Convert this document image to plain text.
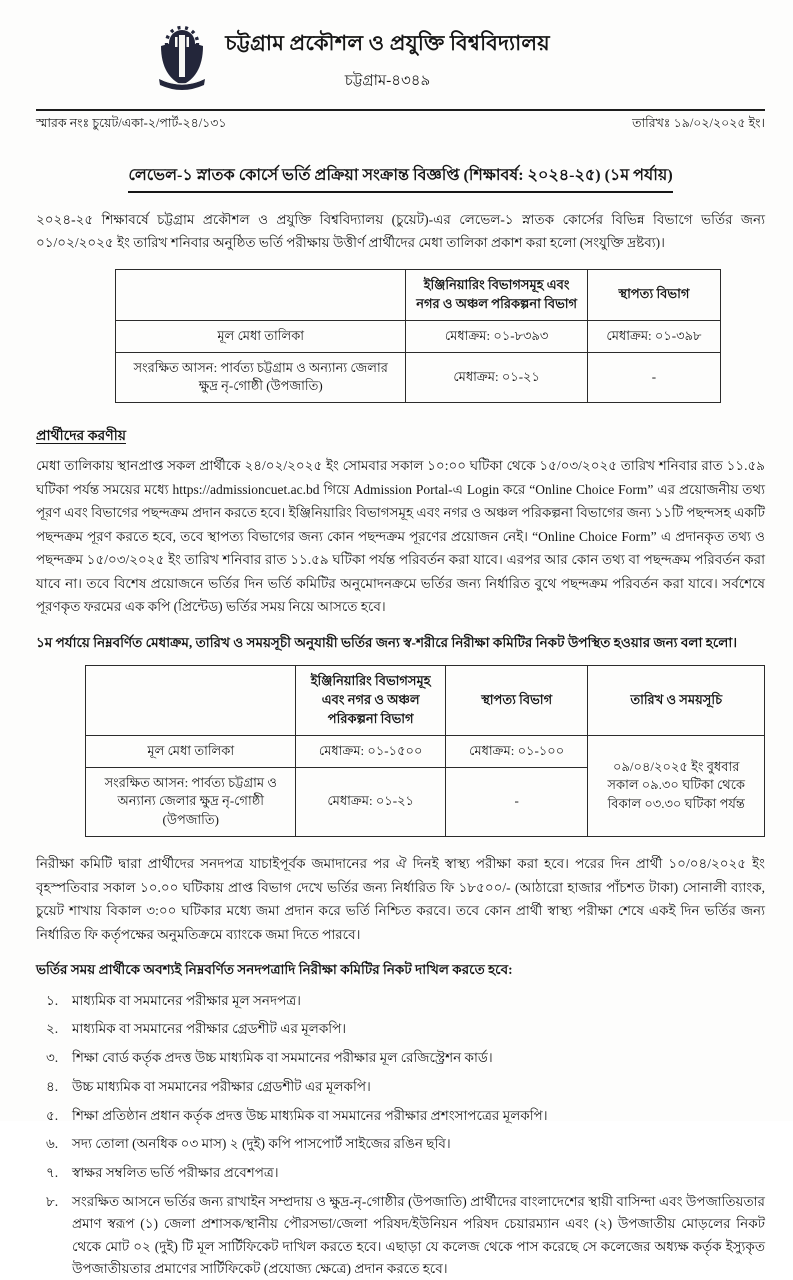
চট্টগ্রাম প্রকৌশল ও প্রযুক্তি বিশ্ববিদ্যালয়
চট্টগ্রাম-৪৩৪৯
স্মারক নংঃ চুয়েট/একা-২/পার্ট-২৪/১৩১	তারিখঃ ১৯/০২/২০২৫ ইং।
লেভেল-১ স্নাতক কোর্সে ভর্তি প্রক্রিয়া সংক্রান্ত বিজ্ঞপ্তি (শিক্ষাবর্ষ: ২০২৪-২৫) (১ম পর্যায়)
২০২৪-২৫ শিক্ষাবর্ষে চট্টগ্রাম প্রকৌশল ও প্রযুক্তি বিশ্ববিদ্যালয় (চুয়েট)-এর লেভেল-১ স্নাতক কোর্সের বিভিন্ন বিভাগে ভর্তির জন্য ০১/০২/২০২৫ ইং তারিখ শনিবার অনুষ্ঠিত ভর্তি পরীক্ষায় উত্তীর্ণ প্রার্থীদের মেধা তালিকা প্রকাশ করা হলো (সংযুক্তি দ্রষ্টব্য)।
	ইঞ্জিনিয়ারিং বিভাগসমূহ এবং নগর ও অঞ্চল পরিকল্পনা বিভাগ	স্থাপত্য বিভাগ
মূল মেধা তালিকা	মেধাক্রম: ০১-৮৩৯৩	মেধাক্রম: ০১-৩৯৮
সংরক্ষিত আসন: পার্বত্য চট্টগ্রাম ও অন্যান্য জেলার ক্ষুদ্র নৃ-গোষ্ঠী (উপজাতি)	মেধাক্রম: ০১-২১	-
প্রার্থীদের করণীয়
মেধা তালিকায় স্থানপ্রাপ্ত সকল প্রার্থীকে ২৪/০২/২০২৫ ইং সোমবার সকাল ১০:০০ ঘটিকা থেকে ১৫/০৩/২০২৫ তারিখ শনিবার রাত ১১.৫৯ ঘটিকা পর্যন্ত সময়ের মধ্যে https://admissioncuet.ac.bd গিয়ে Admission Portal-এ Login করে “Online Choice Form” এর প্রয়োজনীয় তথ্য পূরণ এবং বিভাগের পছন্দক্রম প্রদান করতে হবে। ইঞ্জিনিয়ারিং বিভাগসমূহ এবং নগর ও অঞ্চল পরিকল্পনা বিভাগের জন্য ১১টি পছন্দসহ একটি পছন্দক্রম পূরণ করতে হবে, তবে স্থাপত্য বিভাগের জন্য কোন পছন্দক্রম পূরণের প্রয়োজন নেই। “Online Choice Form” এ প্রদানকৃত তথ্য ও পছন্দক্রম ১৫/০৩/২০২৫ ইং তারিখ শনিবার রাত ১১.৫৯ ঘটিকা পর্যন্ত পরিবর্তন করা যাবে। এরপর আর কোন তথ্য বা পছন্দক্রম পরিবর্তন করা যাবে না। তবে বিশেষ প্রয়োজনে ভর্তির দিন ভর্তি কমিটির অনুমোদনক্রমে ভর্তির জন্য নির্ধারিত বুথে পছন্দক্রম পরিবর্তন করা যাবে। সর্বশেষে পূরণকৃত ফরমের এক কপি (প্রিন্টেড) ভর্তির সময় নিয়ে আসতে হবে।
১ম পর্যায়ে নিম্নবর্ণিত মেধাক্রম, তারিখ ও সময়সূচী অনুযায়ী ভর্তির জন্য স্ব-শরীরে নিরীক্ষা কমিটির নিকট উপস্থিত হওয়ার জন্য বলা হলো।
	ইঞ্জিনিয়ারিং বিভাগসমূহ এবং নগর ও অঞ্চল পরিকল্পনা বিভাগ	স্থাপত্য বিভাগ	তারিখ ও সময়সূচি
মূল মেধা তালিকা	মেধাক্রম: ০১-১৫০০	মেধাক্রম: ০১-১০০	০৯/০৪/২০২৫ ইং বুধবার সকাল ০৯.৩০ ঘটিকা থেকে বিকাল ০৩.৩০ ঘটিকা পর্যন্ত
সংরক্ষিত আসন: পার্বত্য চট্টগ্রাম ও অন্যান্য জেলার ক্ষুদ্র নৃ-গোষ্ঠী (উপজাতি)	মেধাক্রম: ০১-২১	-	
নিরীক্ষা কমিটি দ্বারা প্রার্থীদের সনদপত্র যাচাইপূর্বক জমাদানের পর ঐ দিনই স্বাস্থ্য পরীক্ষা করা হবে। পরের দিন প্রার্থী ১০/০৪/২০২৫ ইং বৃহস্পতিবার সকাল ১০.০০ ঘটিকায় প্রাপ্ত বিভাগ দেখে ভর্তির জন্য নির্ধারিত ফি ১৮৫০০/- (আঠারো হাজার পাঁচশত টাকা) সোনালী ব্যাংক, চুয়েট শাখায় বিকাল ৩:০০ ঘটিকার মধ্যে জমা প্রদান করে ভর্তি নিশ্চিত করবে। তবে কোন প্রার্থী স্বাস্থ্য পরীক্ষা শেষে একই দিন ভর্তির জন্য নির্ধারিত ফি কর্তৃপক্ষের অনুমতিক্রমে ব্যাংকে জমা দিতে পারবে।
ভর্তির সময় প্রার্থীকে অবশ্যই নিম্নবর্ণিত সনদপত্রাদি নিরীক্ষা কমিটির নিকট দাখিল করতে হবে:
১.	মাধ্যমিক বা সমমানের পরীক্ষার মূল সনদপত্র।
২.	মাধ্যমিক বা সমমানের পরীক্ষার গ্রেডশীট এর মূলকপি।
৩.	শিক্ষা বোর্ড কর্তৃক প্রদত্ত উচ্চ মাধ্যমিক বা সমমানের পরীক্ষার মূল রেজিস্ট্রেশন কার্ড।
৪.	উচ্চ মাধ্যমিক বা সমমানের পরীক্ষার গ্রেডশীট এর মূলকপি।
৫.	শিক্ষা প্রতিষ্ঠান প্রধান কর্তৃক প্রদত্ত উচ্চ মাধ্যমিক বা সমমানের পরীক্ষার প্রশংসাপত্রের মূলকপি।
৬.	সদ্য তোলা (অনধিক ০৩ মাস) ২ (দুই) কপি পাসপোর্ট সাইজের রঙিন ছবি।
৭.	স্বাক্ষর সম্বলিত ভর্তি পরীক্ষার প্রবেশপত্র।
৮.	সংরক্ষিত আসনে ভর্তির জন্য রাখাইন সম্প্রদায় ও ক্ষুদ্র-নৃ-গোষ্ঠীর (উপজাতি) প্রার্থীদের বাংলাদেশের স্থায়ী বাসিন্দা এবং উপজাতিয়তার প্রমাণ স্বরূপ (১) জেলা প্রশাসক/স্থানীয় পৌরসভা/জেলা পরিষদ/ইউনিয়ন পরিষদ চেয়ারম্যান এবং (২) উপজাতীয় মোড়লের নিকট থেকে মোট ০২ (দুই) টি মূল সার্টিফিকেট দাখিল করতে হবে। এছাড়া যে কলেজ থেকে পাস করেছে সে কলেজের অধ্যক্ষ কর্তৃক ইস্যুকৃত উপজাতীয়তার প্রমাণের সার্টিফিকেট (প্রযোজ্য ক্ষেত্রে) প্রদান করতে হবে।
